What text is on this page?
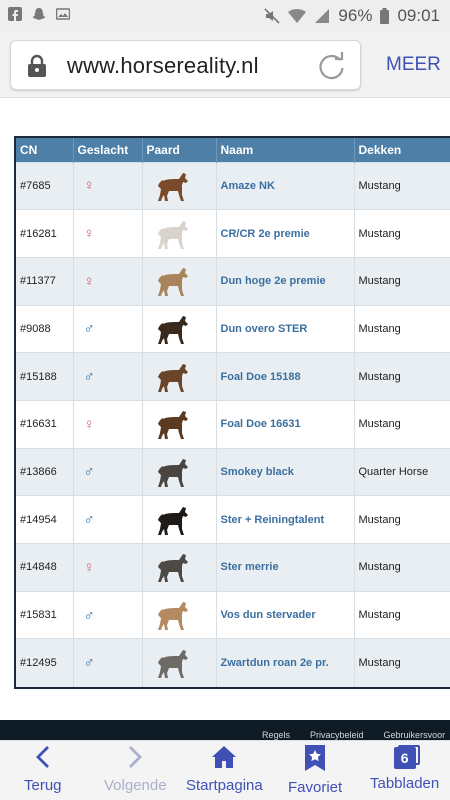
96% 09:01
www.horsereality.nl	MEER
CN	Geslacht	Paard	Naam	Dekken
#7685	♀		Amaze NK	Mustang
#16281	♀		CR/CR 2e premie	Mustang
#11377	♀		Dun hoge 2e premie	Mustang
#9088	♂		Dun overo STER	Mustang
#15188	♂		Foal Doe 15188	Mustang
#16631	♀		Foal Doe 16631	Mustang
#13866	♂		Smokey black	Quarter Horse
#14954	♂		Ster + Reiningtalent	Mustang
#14848	♀		Ster merrie	Mustang
#15831	♂		Vos dun stervader	Mustang
#12495	♂		Zwartdun roan 2e pr.	Mustang
Regels Privacybeleid Gebruikersvoor
Terug	Volgende Startpagina Favoriet
6
Tabbladen
